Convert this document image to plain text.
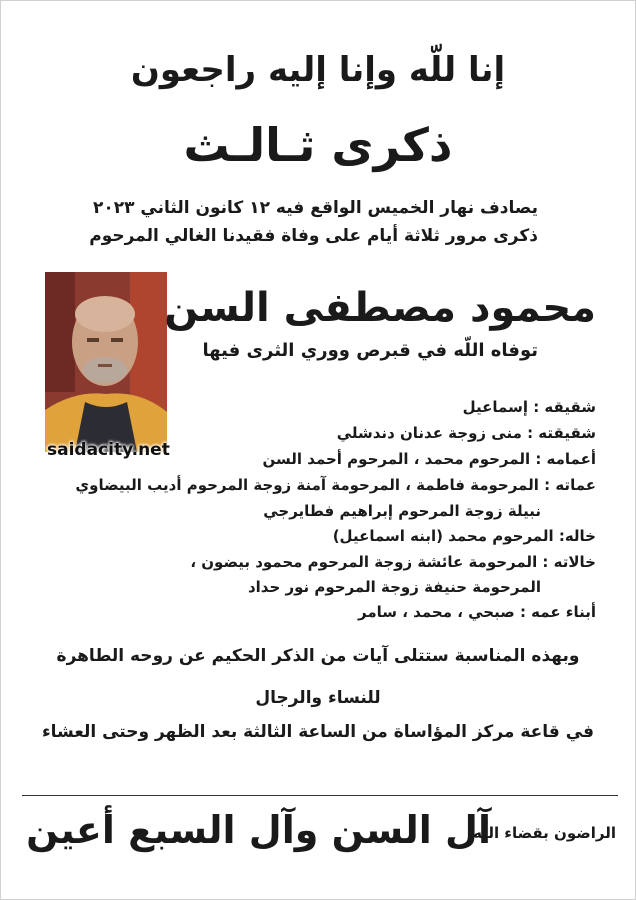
إنا للّه وإنا إليه راجعون
ذكرى ثـالـث
يصادف نهار الخميس الواقع فيه ١٢ كانون الثاني ٢٠٢٣
ذكرى مرور ثلاثة أيام على وفاة فقيدنا الغالي المرحوم
saidacity.net
محمود مصطفى السن
توفاه اللّه في قبرص ووري الثرى فيها
شقيقه : إسماعيل
شقيقته : منى زوجة عدنان دندشلي
أعمامه : المرحوم محمد ، المرحوم أحمد السن
عماته : المرحومة فاطمة ، المرحومة آمنة زوجة المرحوم أديب البيضاوي
نبيلة زوجة المرحوم إبراهيم فطايرجي
خاله: المرحوم محمد (ابنه اسماعيل)
خالاته : المرحومة عائشة زوجة المرحوم محمود بيضون ،
المرحومة حنيفة زوجة المرحوم نور حداد
أبناء عمه : صبحي ، محمد ، سامر
وبهذه المناسبة ستتلى آيات من الذكر الحكيم عن روحه الطاهرة
للنساء والرجال
في قاعة مركز المؤاساة من الساعة الثالثة بعد الظهر وحتى العشاء
الراضون بقضاء اللّه
آل السن وآل السبع أعين
